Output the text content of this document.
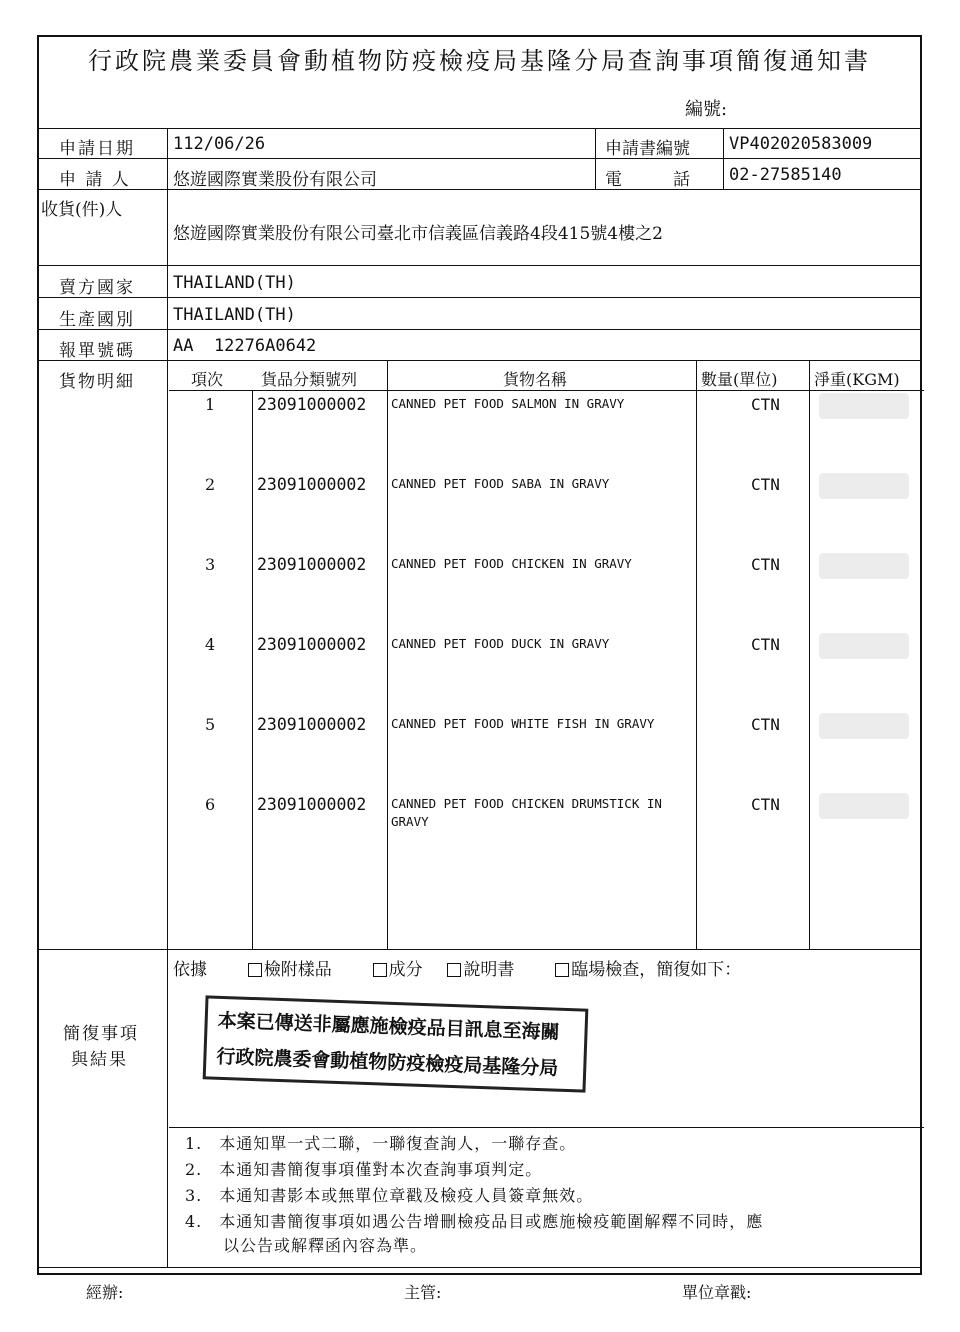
行政院農業委員會動植物防疫檢疫局基隆分局查詢事項簡復通知書
編號:
申請日期 112/06/26	申請書編號 VP402020583009
申 請 人 悠遊國際實業股份有限公司	電　　　話 02-27585140
收貨(件)人
悠遊國際實業股份有限公司臺北市信義區信義路4段415號4樓之2
賣方國家 THAILAND(TH)
生產國別 THAILAND(TH)
報單號碼 AA  12276A0642
貨物明細	項次 貨品分類號列	貨物名稱	數量(單位) 淨重(KGM)
簡復事項
與結果
依據	檢附樣品	成分 說明書	臨場檢查，簡復如下：
本案已傳送非屬應施檢疫品目訊息至海關
行政院農委會動植物防疫檢疫局基隆分局
1.　本通知單一式二聯，一聯復查詢人，一聯存查。
2.　本通知書簡復事項僅對本次查詢事項判定。
3.　本通知書影本或無單位章戳及檢疫人員簽章無效。
4.　本通知書簡復事項如遇公告增刪檢疫品目或應施檢疫範圍解釋不同時，應
以公告或解釋函內容為準。
1	23091000002 CANNED PET FOOD SALMON IN GRAVY	CTN
2	23091000002 CANNED PET FOOD SABA IN GRAVY	CTN
3	23091000002 CANNED PET FOOD CHICKEN IN GRAVY	CTN
4	23091000002 CANNED PET FOOD DUCK IN GRAVY	CTN
5	23091000002 CANNED PET FOOD WHITE FISH IN GRAVY	CTN
6	23091000002 CANNED PET FOOD CHICKEN DRUMSTICK IN GRAVY
CTN
經辦:	主管:	單位章戳:
